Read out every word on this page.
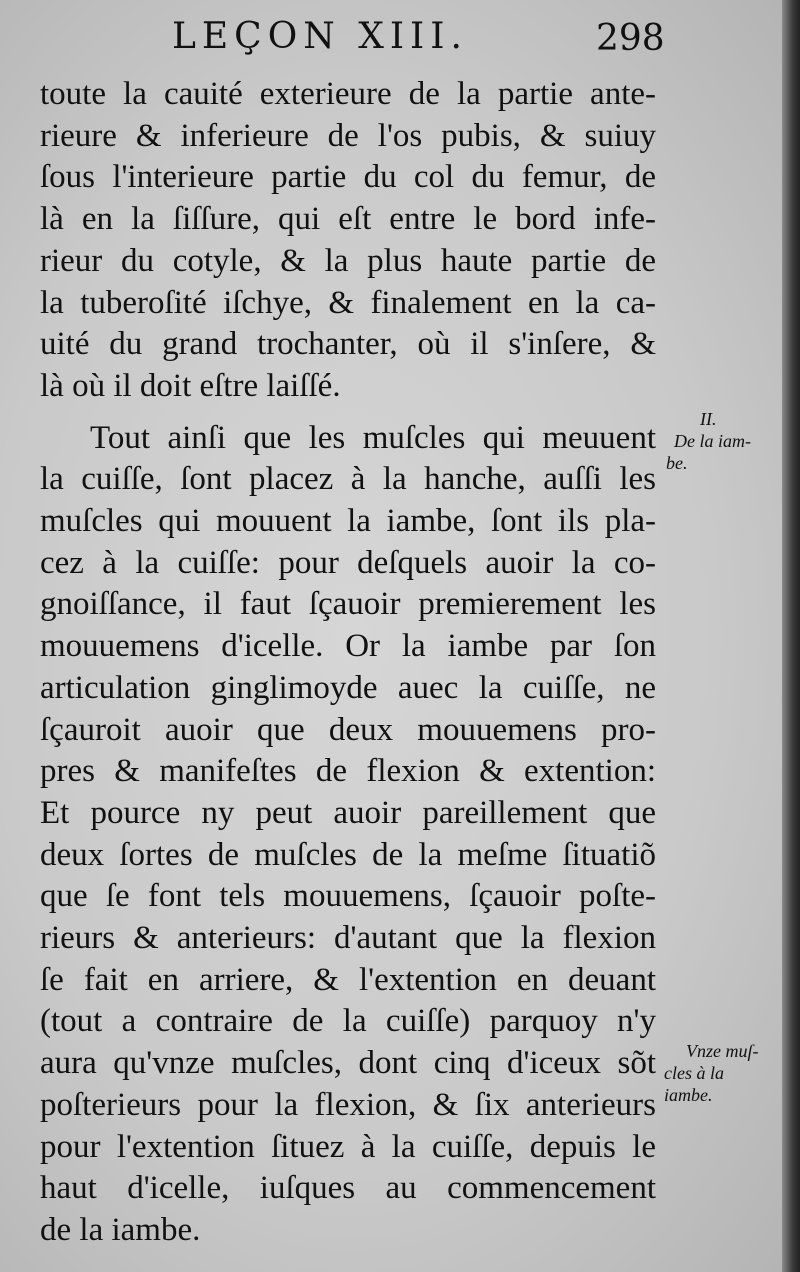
LEÇON XIII.	298
toute la cauité exterieure de la partie ante-
rieure & inferieure de l'os pubis, & suiuy
ſous l'interieure partie du col du femur, de
là en la ſiſſure, qui eſt entre le bord infe-
rieur du cotyle, & la plus haute partie de
la tuberoſité iſchye, & finalement en la ca-
uité du grand trochanter, où il s'inſere, &
là où il doit eſtre laiſſé.
Tout ainſi que les muſcles qui meuuent
la cuiſſe, ſont placez à la hanche, auſſi les
muſcles qui mouuent la iambe, ſont ils pla-
cez à la cuiſſe: pour deſquels auoir la co-
gnoiſſance, il faut ſçauoir premierement les
mouuemens d'icelle. Or la iambe par ſon
articulation ginglimoyde auec la cuiſſe, ne
ſçauroit auoir que deux mouuemens pro-
pres & manifeſtes de flexion & extention:
Et pource ny peut auoir pareillement que
deux ſortes de muſcles de la meſme ſituatiõ
que ſe font tels mouuemens, ſçauoir poſte-
rieurs & anterieurs: d'autant que la flexion
ſe fait en arriere, & l'extention en deuant
(tout a contraire de la cuiſſe) parquoy n'y
aura qu'vnze muſcles, dont cinq d'iceux sõt
poſterieurs pour la flexion, & ſix anterieurs
pour l'extention ſituez à la cuiſſe, depuis le
haut d'icelle, iuſques au commencement
de la iambe.
II.
De la iam-
be.
Vnze muſ-
cles à la
iambe.
